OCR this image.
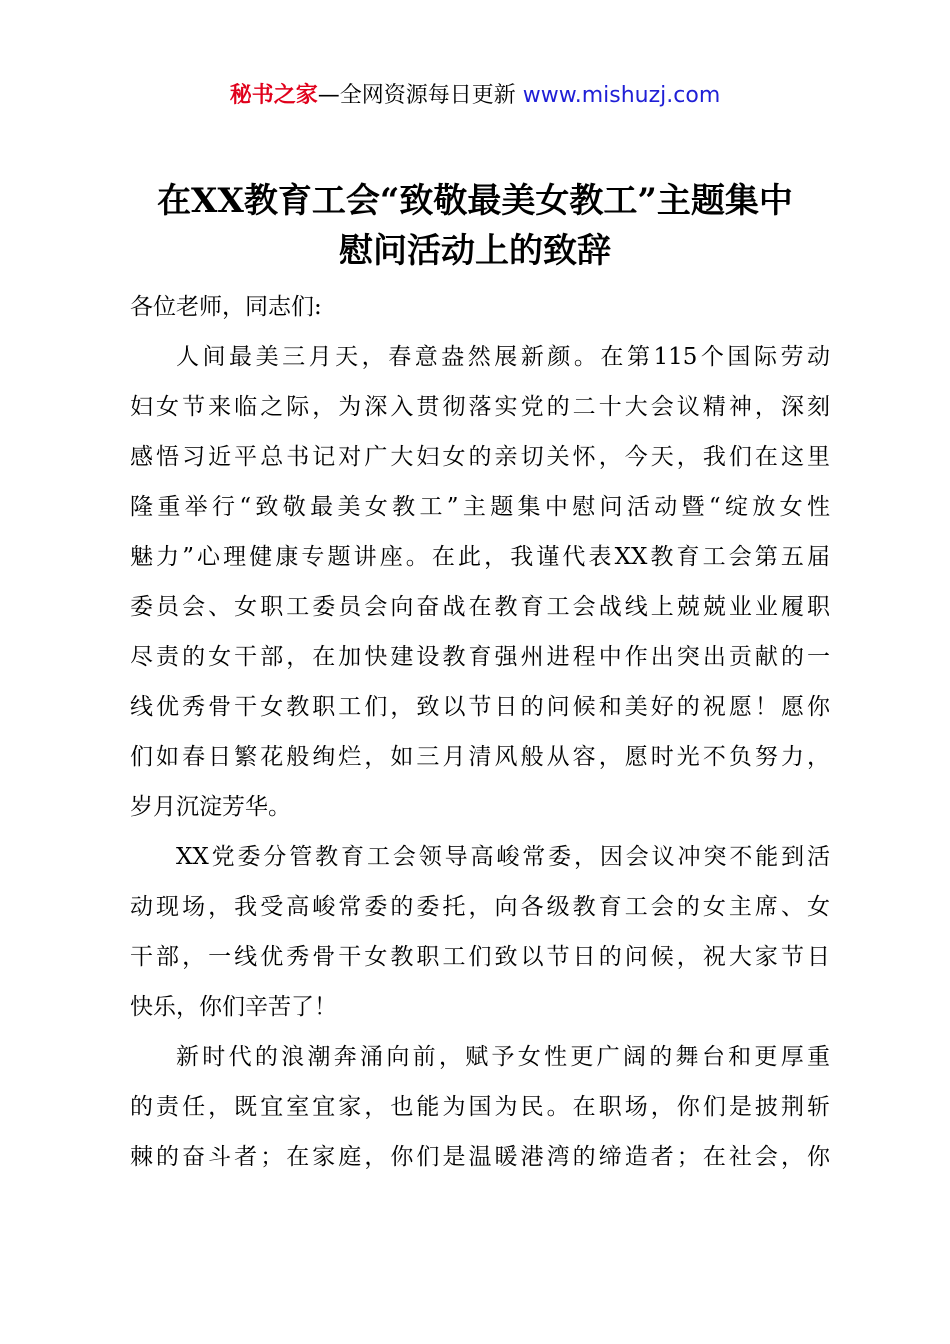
秘书之家—全网资源每日更新 www.mishuzj.com
在XX教育工会“致敬最美女教工”主题集中
慰问活动上的致辞

各位老师，同志们:

人间最美三月天，春意盎然展新颜。在第115个国际劳动
妇女节来临之际，为深入贯彻落实党的二十大会议精神，深刻
感悟习近平总书记对广大妇女的亲切关怀，今天，我们在这里
隆重举行“致敬最美女教工”主题集中慰问活动暨“绽放女性
魅力”心理健康专题讲座。在此，我谨代表XX教育工会第五届
委员会、女职工委员会向奋战在教育工会战线上兢兢业业履职
尽责的女干部，在加快建设教育强州进程中作出突出贡献的一
线优秀骨干女教职工们，致以节日的问候和美好的祝愿！愿你
们如春日繁花般绚烂，如三月清风般从容，愿时光不负努力，
岁月沉淀芳华。

XX党委分管教育工会领导高峻常委，因会议冲突不能到活
动现场，我受高峻常委的委托，向各级教育工会的女主席、女
干部，一线优秀骨干女教职工们致以节日的问候，祝大家节日
快乐，你们辛苦了！

新时代的浪潮奔涌向前，赋予女性更广阔的舞台和更厚重
的责任，既宜室宜家，也能为国为民。在职场，你们是披荆斩
棘的奋斗者；在家庭，你们是温暖港湾的缔造者；在社会，你
